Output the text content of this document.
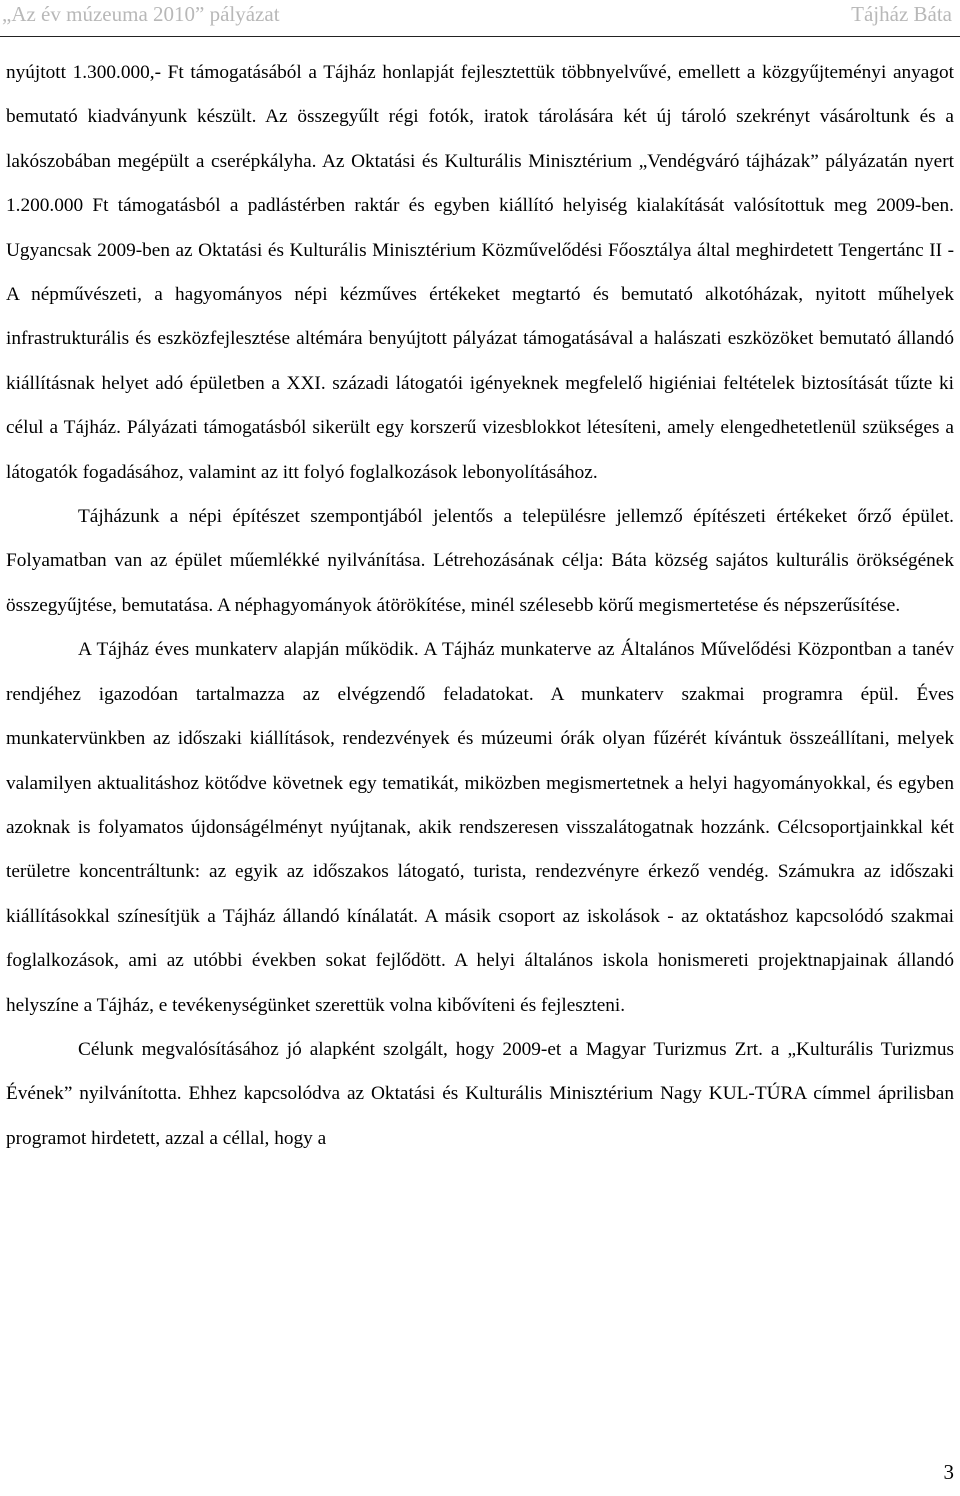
„Az év múzeuma 2010” pályázat	Tájház Báta

nyújtott 1.300.000,- Ft támogatásából a Tájház honlapját fejlesztettük többnyelvűvé, emellett a közgyűjteményi anyagot bemutató kiadványunk készült. Az összegyűlt régi fotók, iratok tárolására két új tároló szekrényt vásároltunk és a lakószobában megépült a cserépkályha. Az Oktatási és Kulturális Minisztérium „Vendégváró tájházak” pályázatán nyert 1.200.000 Ft támogatásból a padlástérben raktár és egyben kiállító helyiség kialakítását valósítottuk meg 2009-ben. Ugyancsak 2009-ben az Oktatási és Kulturális Minisztérium Közművelődési Főosztálya által meghirdetett Tengertánc II - A népművészeti, a hagyományos népi kézműves értékeket megtartó és bemutató alkotóházak, nyitott műhelyek infrastrukturális és eszközfejlesztése altémára benyújtott pályázat támogatásával a halászati eszközöket bemutató állandó kiállításnak helyet adó épületben a XXI. századi látogatói igényeknek megfelelő higiéniai feltételek biztosítását tűzte ki célul a Tájház. Pályázati támogatásból sikerült egy korszerű vizesblokkot létesíteni, amely elengedhetetlenül szükséges a látogatók fogadásához, valamint az itt folyó foglalkozások lebonyolításához.

Tájházunk a népi építészet szempontjából jelentős a településre jellemző építészeti értékeket őrző épület. Folyamatban van az épület műemlékké nyilvánítása. Létrehozásának célja: Báta község sajátos kulturális örökségének összegyűjtése, bemutatása. A néphagyományok átörökítése, minél szélesebb körű megismertetése és népszerűsítése.

A Tájház éves munkaterv alapján működik. A Tájház munkaterve az Általános Művelődési Központban a tanév rendjéhez igazodóan tartalmazza az elvégzendő feladatokat. A munkaterv szakmai programra épül. Éves munkatervünkben az időszaki kiállítások, rendezvények és múzeumi órák olyan fűzérét kívántuk összeállítani, melyek valamilyen aktualitáshoz kötődve követnek egy tematikát, miközben megismertetnek a helyi hagyományokkal, és egyben azoknak is folyamatos újdonságélményt nyújtanak, akik rendszeresen visszalátogatnak hozzánk. Célcsoportjainkkal két területre koncentráltunk: az egyik az időszakos látogató, turista, rendezvényre érkező vendég. Számukra az időszaki kiállításokkal színesítjük a Tájház állandó kínálatát. A másik csoport az iskolások - az oktatáshoz kapcsolódó szakmai foglalkozások, ami az utóbbi években sokat fejlődött. A helyi általános iskola honismereti projektnapjainak állandó helyszíne a Tájház, e tevékenységünket szerettük volna kibővíteni és fejleszteni.

Célunk megvalósításához jó alapként szolgált, hogy 2009-et a Magyar Turizmus Zrt. a „Kulturális Turizmus Évének” nyilvánította. Ehhez kapcsolódva az Oktatási és Kulturális Minisztérium Nagy KUL-TÚRA címmel áprilisban programot hirdetett, azzal a céllal, hogy a

3
